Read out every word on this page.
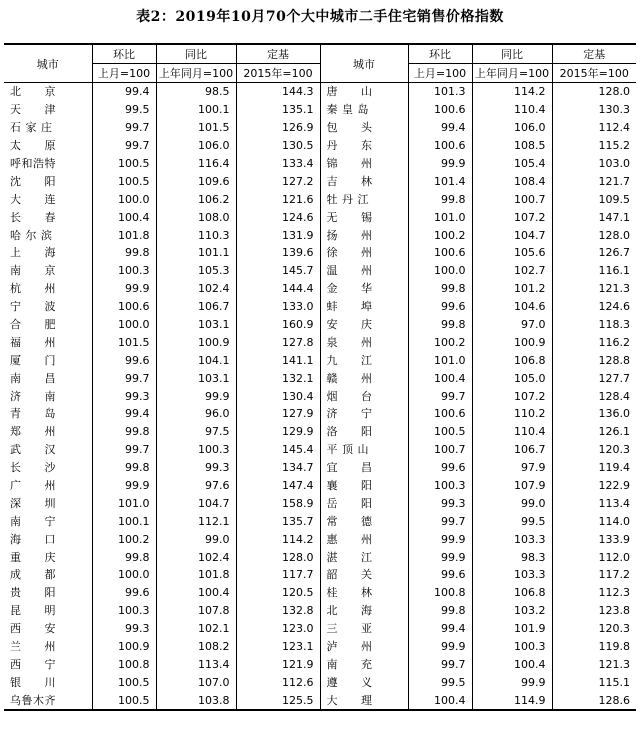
表2：2019年10月70个大中城市二手住宅销售价格指数
城市	环比	同比	定基	城市	环比	同比	定基
	上月=100	上年同月=100	2015年=100		上月=100	上年同月=100	2015年=100
北　　京	99.4	98.5	144.3	唐　　山	101.3	114.2	128.0
天　　津	99.5	100.1	135.1	秦 皇 岛	100.6	110.4	130.3
石 家 庄	99.7	101.5	126.9	包　　头	99.4	106.0	112.4
太　　原	99.7	106.0	130.5	丹　　东	100.6	108.5	115.2
呼和浩特	100.5	116.4	133.4	锦　　州	99.9	105.4	103.0
沈　　阳	100.5	109.6	127.2	吉　　林	101.4	108.4	121.7
大　　连	100.0	106.2	121.6	牡 丹 江	99.8	100.7	109.5
长　　春	100.4	108.0	124.6	无　　锡	101.0	107.2	147.1
哈 尔 滨	101.8	110.3	131.9	扬　　州	100.2	104.7	128.0
上　　海	99.8	101.1	139.6	徐　　州	100.6	105.6	126.7
南　　京	100.3	105.3	145.7	温　　州	100.0	102.7	116.1
杭　　州	99.9	102.4	144.4	金　　华	99.8	101.2	121.3
宁　　波	100.6	106.7	133.0	蚌　　埠	99.6	104.6	124.6
合　　肥	100.0	103.1	160.9	安　　庆	99.8	97.0	118.3
福　　州	101.5	100.9	127.8	泉　　州	100.2	100.9	116.2
厦　　门	99.6	104.1	141.1	九　　江	101.0	106.8	128.8
南　　昌	99.7	103.1	132.1	赣　　州	100.4	105.0	127.7
济　　南	99.3	99.9	130.4	烟　　台	99.7	107.2	128.4
青　　岛	99.4	96.0	127.9	济　　宁	100.6	110.2	136.0
郑　　州	99.8	97.5	129.9	洛　　阳	100.5	110.4	126.1
武　　汉	99.7	100.3	145.4	平 顶 山	100.7	106.7	120.3
长　　沙	99.8	99.3	134.7	宜　　昌	99.6	97.9	119.4
广　　州	99.9	97.6	147.4	襄　　阳	100.3	107.9	122.9
深　　圳	101.0	104.7	158.9	岳　　阳	99.3	99.0	113.4
南　　宁	100.1	112.1	135.7	常　　德	99.7	99.5	114.0
海　　口	100.2	99.0	114.2	惠　　州	99.9	103.3	133.9
重　　庆	99.8	102.4	128.0	湛　　江	99.9	98.3	112.0
成　　都	100.0	101.8	117.7	韶　　关	99.6	103.3	117.2
贵　　阳	99.6	100.4	120.5	桂　　林	100.8	106.8	112.3
昆　　明	100.3	107.8	132.8	北　　海	99.8	103.2	123.8
西　　安	99.3	102.1	123.0	三　　亚	99.4	101.9	120.3
兰　　州	100.9	108.2	123.1	泸　　州	99.9	100.3	119.8
西　　宁	100.8	113.4	121.9	南　　充	99.7	100.4	121.3
银　　川	100.5	107.0	112.6	遵　　义	99.5	99.9	115.1
乌鲁木齐	100.5	103.8	125.5	大　　理	100.4	114.9	128.6
